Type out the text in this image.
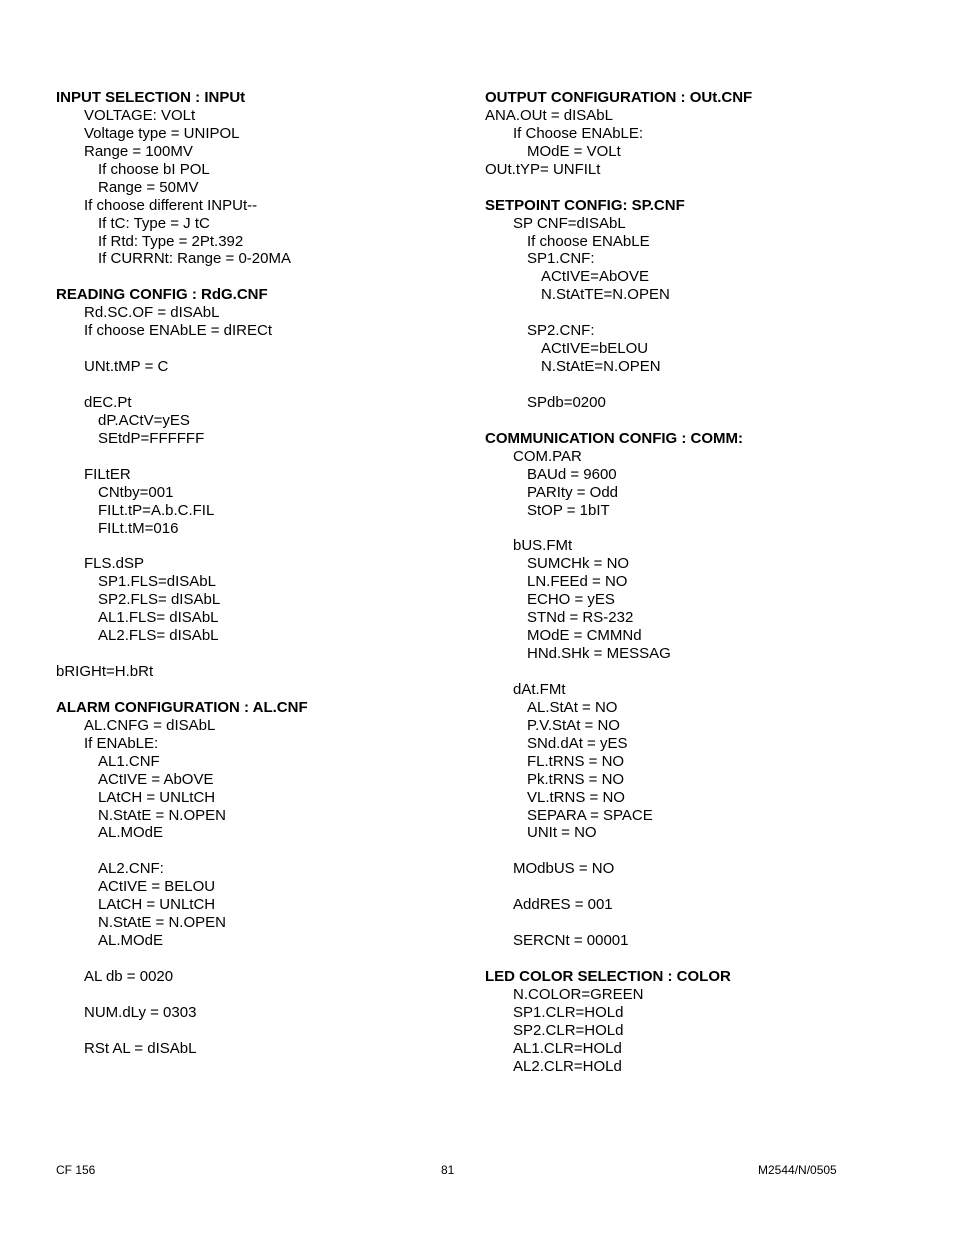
INPUT SELECTION : INPUt
VOLTAGE: VOLt
Voltage type = UNIPOL
Range = 100MV
If choose bI POL
Range = 50MV
If choose different INPUt--
If tC: Type = J tC
If Rtd: Type = 2Pt.392
If CURRNt: Range = 0-20MA
READING CONFIG : RdG.CNF
Rd.SC.OF = dISAbL
If choose ENAbLE = dIRECt
UNt.tMP = C
dEC.Pt
dP.ACtV=yES
SEtdP=FFFFFF
FILtER
CNtby=001
FILt.tP=A.b.C.FIL
FILt.tM=016
FLS.dSP
SP1.FLS=dISAbL
SP2.FLS= dISAbL
AL1.FLS= dISAbL
AL2.FLS= dISAbL
bRIGHt=H.bRt
ALARM CONFIGURATION : AL.CNF
AL.CNFG = dISAbL
If ENAbLE:
AL1.CNF
ACtIVE = AbOVE
LAtCH = UNLtCH
N.StAtE = N.OPEN
AL.MOdE
AL2.CNF:
ACtIVE = BELOU
LAtCH = UNLtCH
N.StAtE = N.OPEN
AL.MOdE
AL db = 0020
NUM.dLy = 0303
RSt AL = dISAbL
OUTPUT CONFIGURATION : OUt.CNF
ANA.OUt = dISAbL
If Choose ENAbLE:
MOdE = VOLt
OUt.tYP= UNFILt
SETPOINT CONFIG: SP.CNF
SP CNF=dISAbL
If choose ENAbLE
SP1.CNF:
ACtIVE=AbOVE
N.StAtTE=N.OPEN
SP2.CNF:
ACtIVE=bELOU
N.StAtE=N.OPEN
SPdb=0200
COMMUNICATION CONFIG : COMM:
COM.PAR
BAUd = 9600
PARIty = Odd
StOP = 1bIT
bUS.FMt
SUMCHk = NO
LN.FEEd = NO
ECHO = yES
STNd = RS-232
MOdE = CMMNd
HNd.SHk = MESSAG
dAt.FMt
AL.StAt = NO
P.V.StAt = NO
SNd.dAt = yES
FL.tRNS = NO
Pk.tRNS = NO
VL.tRNS = NO
SEPARA = SPACE
UNIt = NO
MOdbUS = NO
AddRES = 001
SERCNt = 00001
LED COLOR SELECTION : COLOR
N.COLOR=GREEN
SP1.CLR=HOLd
SP2.CLR=HOLd
AL1.CLR=HOLd
AL2.CLR=HOLd
CF 156	81	M2544/N/0505
